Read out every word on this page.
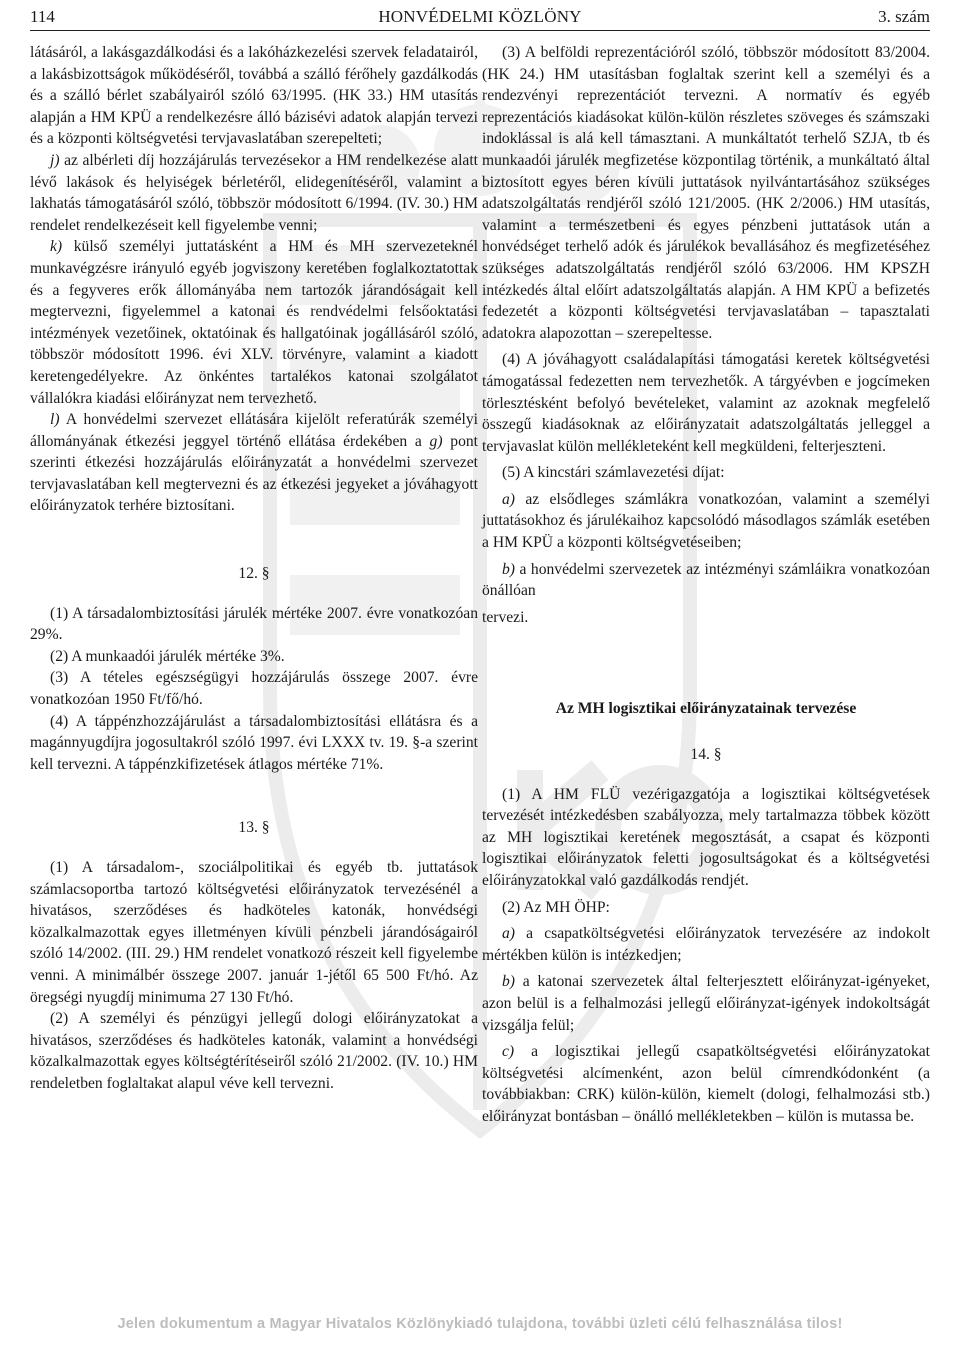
114	HONVÉDELMI KÖZLÖNY	3. szám

látásáról, a lakásgazdálkodási és a lakóházkezelési szervek feladatairól, a lakásbizottságok működéséről, továbbá a szálló férőhely gazdálkodás és a szálló bérlet szabályairól szóló 63/1995. (HK 33.) HM utasítás alapján a HM KPÜ a rendelkezésre álló bázisévi adatok alapján tervezi és a központi költségvetési tervjavaslatában szerepelteti;

j) az albérleti díj hozzájárulás tervezésekor a HM rendelkezése alatt lévő lakások és helyiségek bérletéről, elidegenítéséről, valamint a lakhatás támogatásáról szóló, többször módosított 6/1994. (IV. 30.) HM rendelet rendelkezéseit kell figyelembe venni;

k) külső személyi juttatásként a HM és MH szervezeteknél munkavégzésre irányuló egyéb jogviszony keretében foglalkoztatottak és a fegyveres erők állományába nem tartozók járandóságait kell megtervezni, figyelemmel a katonai és rendvédelmi felsőoktatási intézmények vezetőinek, oktatóinak és hallgatóinak jogállásáról szóló, többször módosított 1996. évi XLV. törvényre, valamint a kiadott keretengedélyekre. Az önkéntes tartalékos katonai szolgálatot vállalókra kiadási előirányzat nem tervezhető.

l) A honvédelmi szervezet ellátására kijelölt referatúrák személyi állományának étkezési jeggyel történő ellátása érdekében a g) pont szerinti étkezési hozzájárulás előirányzatát a honvédelmi szervezet tervjavaslatában kell megtervezni és az étkezési jegyeket a jóváhagyott előirányzatok terhére biztosítani.

12. §

(1) A társadalombiztosítási járulék mértéke 2007. évre vonatkozóan 29%.

(2) A munkaadói járulék mértéke 3%.

(3) A tételes egészségügyi hozzájárulás összege 2007. évre vonatkozóan 1950 Ft/fő/hó.

(4) A táppénzhozzájárulást a társadalombiztosítási ellátásra és a magánnyugdíjra jogosultakról szóló 1997. évi LXXX tv. 19. §-a szerint kell tervezni. A táppénzkifizetések átlagos mértéke 71%.

13. §

(1) A társadalom-, szociálpolitikai és egyéb tb. juttatások számlacsoportba tartozó költségvetési előirányzatok tervezésénél a hivatásos, szerződéses és hadköteles katonák, honvédségi közalkalmazottak egyes illetményen kívüli pénzbeli járandóságairól szóló 14/2002. (III. 29.) HM rendelet vonatkozó részeit kell figyelembe venni. A minimálbér összege 2007. január 1-jétől 65 500 Ft/hó. Az öregségi nyugdíj minimuma 27 130 Ft/hó.

(2) A személyi és pénzügyi jellegű dologi előirányzatokat a hivatásos, szerződéses és hadköteles katonák, valamint a honvédségi közalkalmazottak egyes költségtérítéseiről szóló 21/2002. (IV. 10.) HM rendeletben foglaltakat alapul véve kell tervezni.

(3) A belföldi reprezentációról szóló, többször módosított 83/2004. (HK 24.) HM utasításban foglaltak szerint kell a személyi és a rendezvényi reprezentációt tervezni. A normatív és egyéb reprezentációs kiadásokat külön-külön részletes szöveges és számszaki indoklással is alá kell támasztani. A munkáltatót terhelő SZJA, tb és munkaadói járulék megfizetése központilag történik, a munkáltató által biztosított egyes béren kívüli juttatások nyilvántartásához szükséges adatszolgáltatás rendjéről szóló 121/2005. (HK 2/2006.) HM utasítás, valamint a természetbeni és egyes pénzbeni juttatások után a honvédséget terhelő adók és járulékok bevallásához és megfizetéséhez szükséges adatszolgáltatás rendjéről szóló 63/2006. HM KPSZH intézkedés által előírt adatszolgáltatás alapján. A HM KPÜ a befizetés fedezetét a központi költségvetési tervjavaslatában – tapasztalati adatokra alapozottan – szerepeltesse.

(4) A jóváhagyott családalapítási támogatási keretek költségvetési támogatással fedezetten nem tervezhetők. A tárgyévben e jogcímeken törlesztésként befolyó bevételeket, valamint az azoknak megfelelő összegű kiadásoknak az előirányzatait adatszolgáltatás jelleggel a tervjavaslat külön mellékleteként kell megküldeni, felterjeszteni.

(5) A kincstári számlavezetési díjat:

a) az elsődleges számlákra vonatkozóan, valamint a személyi juttatásokhoz és járulékaihoz kapcsolódó másodlagos számlák esetében a HM KPÜ a központi költségvetéseiben;

b) a honvédelmi szervezetek az intézményi számláikra vonatkozóan önállóan

tervezi.

Az MH logisztikai előirányzatainak tervezése
14. §

(1) A HM FLÜ vezérigazgatója a logisztikai költségvetések tervezését intézkedésben szabályozza, mely tartalmazza többek között az MH logisztikai keretének megosztását, a csapat és központi logisztikai előirányzatok feletti jogosultságokat és a költségvetési előirányzatokkal való gazdálkodás rendjét.

(2) Az MH ÖHP:

a) a csapatköltségvetési előirányzatok tervezésére az indokolt mértékben külön is intézkedjen;

b) a katonai szervezetek által felterjesztett előirányzat-igényeket, azon belül is a felhalmozási jellegű előirányzat-igények indokoltságát vizsgálja felül;

c) a logisztikai jellegű csapatköltségvetési előirányzatokat költségvetési alcímenként, azon belül címrendkódonként (a továbbiakban: CRK) külön-külön, kiemelt (dologi, felhalmozási stb.) előirányzat bontásban – önálló mellékletekben – külön is mutassa be.

Jelen dokumentum a Magyar Hivatalos Közlönykiadó tulajdona, további üzleti célú felhasználása tilos!
